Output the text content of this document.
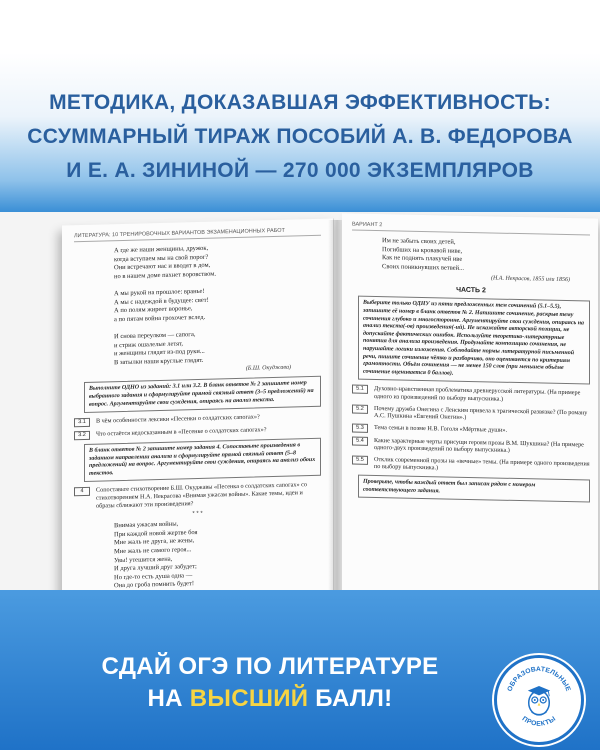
ЛИТЕРАТУРА: 10 ТРЕНИРОВОЧНЫХ ВАРИАНТОВ ЭКЗАМЕНАЦИОННЫХ РАБОТ
А где же наши женщины, дружок,
когда вступаем мы на свой порог?
Они встречают нас и вводят в дом,
но в нашем доме пахнет воровством.

А мы рукой на прошлое: вранье!
А мы с надеждой в будущее: свет!
А по полям жиреет воронье,
а по пятам война грохочет вслед.

И снова переулком — сапога,
и стриж ошалелые летят,
и женщины глядят из-под руки...
В затылки наши круглые глядят.
(Б.Ш. Окуджава)
Выполните ОДНО из заданий: 3.1 или 3.2. В бланк ответов № 2 запишите номер выбранного задания и сформулируйте прямой связный ответ (3–5 предложений) на вопрос. Аргументируйте свои суждения, опираясь на анализ текста.
3.1	В чём особенности лексики «Песенки о солдатских сапогах»?
3.2	Что остаётся недосказанным в «Песенке о солдатских сапогах»?
В бланк ответов № 2 запишите номер задания 4. Сопоставьте произведения в заданном направлении анализа и сформулируйте прямой связный ответ (5–8 предложений) на вопрос. Аргументируйте свои суждения, опираясь на анализ обоих текстов.
4	Сопоставьте стихотворение Б.Ш. Окуджавы «Песенка о солдатских сапогах» со стихотворением Н.А. Некрасова «Внимая ужасам войны». Какие темы, идеи и образы сближают эти произведения?
* * *
Внимая ужасам войны,
При каждой новой жертве боя
Мне жаль не друга, не жены,
Мне жаль не самого героя...
Увы! утешится жена,
И друга лучший друг забудет;
Но где-то есть душа одна —
Она до гроба помнить будет!

ВАРИАНТ 2
Им не забыть своих детей,
Погибших на кровавой ниве,
Как не поднять плакучей иве
Своих поникнувших ветвей...
(Н.А. Некрасов, 1855 или 1856)
ЧАСТЬ 2
Выберите только ОДНУ из пяти предложенных тем сочинений (5.1–5.5), запишите её номер в бланк ответов № 2. Напишите сочинение, раскрыв тему сочинения глубоко и многосторонне. Аргументируйте свои суждения, опираясь на анализ текста(-ов) произведения(-ий). Не искажайте авторской позиции, не допускайте фактических ошибок. Используйте теоретико-литературные понятия для анализа произведения. Продумайте композицию сочинения, не нарушайте логики изложения. Соблюдайте нормы литературной письменной речи, пишите сочинение чётко и разборчиво, оно оценивается по критериям грамотности. Объём сочинения — не менее 150 слов (при меньшем объёме сочинение оценивается 0 баллов).
5.1	Духовно-нравственная проблематика древнерусской литературы. (На примере одного из произведений по выбору выпускника.)
5.2	Почему дружба Онегина с Ленским привела к трагической развязке? (По роману А.С. Пушкина «Евгений Онегин».)
5.3	Тема семьи в поэме Н.В. Гоголя «Мёртвые души».
5.4	Какие характерные черты присущи героям прозы В.М. Шукшина? (На примере одного-двух произведений по выбору выпускника.)
5.5	Отклик современной прозы на «вечные» темы. (На примере одного произведения по выбору выпускника.)
Проверьте, чтобы каждый ответ был записан рядом с номером соответствующего задания.
МЕТОДИКА, ДОКАЗАВШАЯ ЭФФЕКТИВНОСТЬ:
ССУММАРНЫЙ ТИРАЖ ПОСОБИЙ А. В. ФЕДОРОВА
И Е. А. ЗИНИНОЙ — 270 000 ЭКЗЕМПЛЯРОВ
СДАЙ ОГЭ ПО ЛИТЕРАТУРЕ
НА ВЫСШИЙ БАЛЛ!	ОБРАЗОВАТЕЛЬНЫЕ
ПРОЕКТЫ
